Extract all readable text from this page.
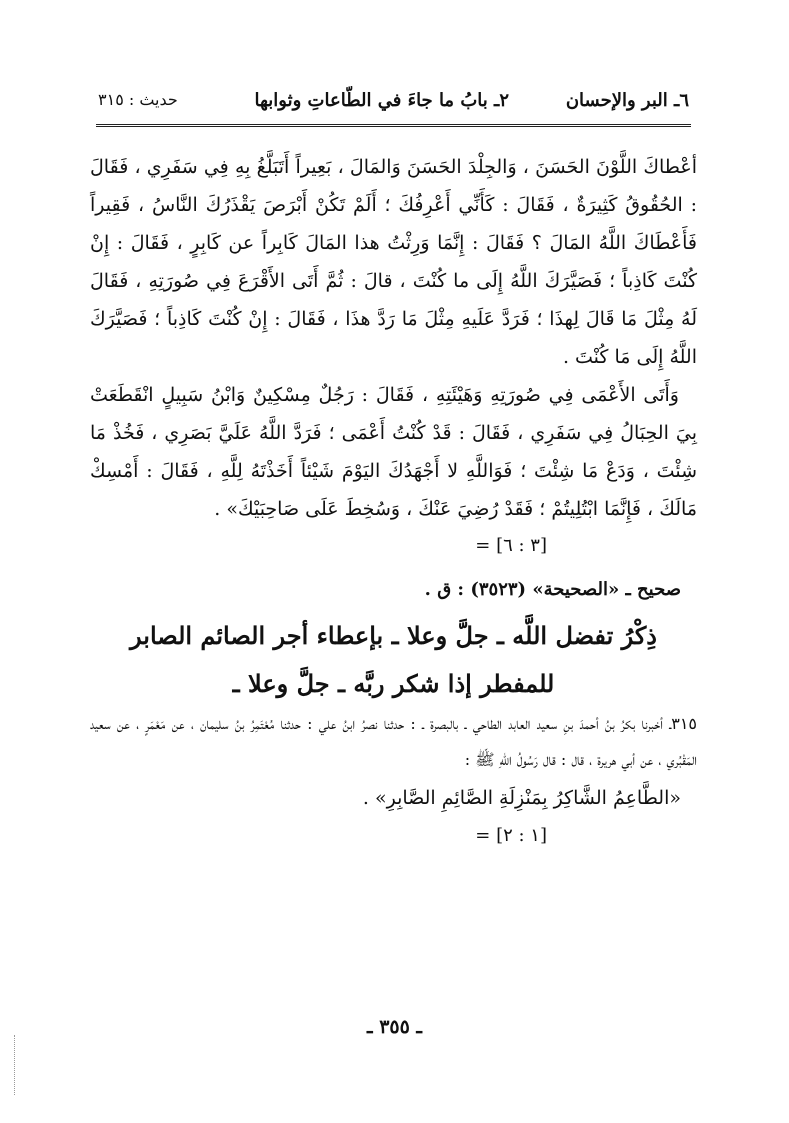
٦ـ البر والإحسان
٢ـ بابُ ما جاءَ في الطّاعاتِ وثوابها
حديث : ٣١٥

أعْطاكَ اللَّوْنَ الحَسَنَ ، وَالجِلْدَ الحَسَنَ وَالمَالَ ، بَعِيراً أَتَبَلَّغُ بِهِ فِي سَفَرِي ، فَقَالَ : الحُقُوقُ كَثِيرَةٌ ، فَقَالَ : كَأَنِّي أَعْرِفُكَ ؛ أَلَمْ تَكُنْ أَبْرَصَ يَقْذَرُكَ النَّاسُ ، فَقِيراً فَأَعْطَاكَ اللَّهُ المَالَ ؟ فَقَالَ : إِنَّمَا وَرِثْتُ هذا المَالَ كَابِراً عن كَابِرٍ ، فَقَالَ : إِنْ كُنْتَ كَاذِباً ؛ فَصَيَّرَكَ اللَّهُ إِلَى ما كُنْتَ ، قالَ : ثُمَّ أَتَى الأَقْرَعَ فِي صُورَتِهِ ، فَقَالَ لَهُ مِثْلَ مَا قَالَ لِهذَا ؛ فَرَدَّ عَلَيهِ مِثْلَ مَا رَدَّ هذَا ، فَقَالَ : إِنْ كُنْتَ كَاذِباً ؛ فَصَيَّرَكَ اللَّهُ إِلَى مَا كُنْتَ .

وَأَتَى الأَعْمَى فِي صُورَتِهِ وَهَيْئَتِهِ ، فَقَالَ : رَجُلٌ مِسْكِينٌ وَابْنُ سَبِيلٍ انْقَطَعَتْ بِيَ الحِبَالُ فِي سَفَرِي ، فَقَالَ : قَدْ كُنْتُ أَعْمَى ؛ فَرَدَّ اللَّهُ عَلَيَّ بَصَرِي ، فَخُذْ مَا شِئْتَ ، وَدَعْ مَا شِئْتَ ؛ فَوَاللَّهِ لا أَجْهَدُكَ اليَوْمَ شَيْئاً أَخَذْتَهُ لِلَّهِ ، فَقَالَ : أَمْسِكْ مَالَكَ ، فَإِنَّمَا ابْتُلِيتُمْ ؛ فَقَدْ رُضِيَ عَنْكَ ، وَسُخِطَ عَلَى صَاحِبَيْكَ» .

[٣ : ٦] =

صحيح ـ «الصحيحة» (٣٥٢٣) : ق .

ذِكْرُ تفضل اللَّه ـ جلَّ وعلا ـ بإعطاء أجر الصائم الصابر

للمفطر إذا شكر ربَّه ـ جلَّ وعلا ـ

٣١٥ـ أخبرنا بكرُ بنُ أحمدَ بنِ سعيد العابد الطاحي ـ بالبصرة ـ : حدثنا نصرُ ابنُ علي : حدثنا مُعْتَمِرُ بنُ سليمان ، عن مَعْمَرٍ ، عن سعيد المَقْبُري ، عن أبي هريرة ، قال : قال رَسُولُ اللهِ ﷺ :

«الطَّاعِمُ الشَّاكِرُ بِمَنْزِلَةِ الصَّائِمِ الصَّابِرِ» .

[١ : ٢] =

ـ ٣٥٥ ـ
